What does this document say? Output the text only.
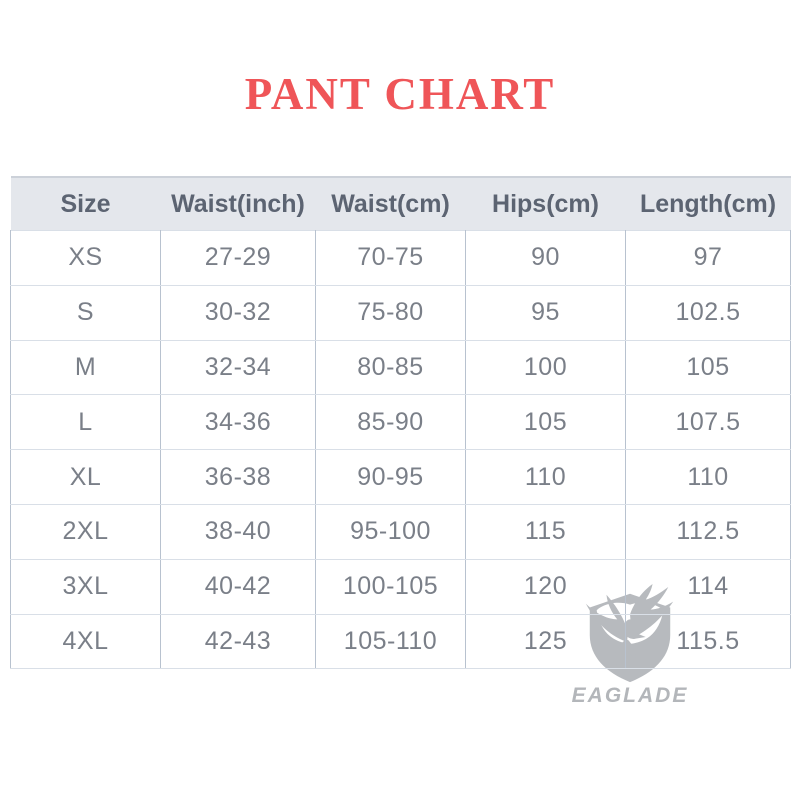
PANT CHART
EAGLADE
Size	Waist(inch)	Waist(cm)	Hips(cm)	Length(cm)
XS	27-29	70-75	90	97
S	30-32	75-80	95	102.5
M	32-34	80-85	100	105
L	34-36	85-90	105	107.5
XL	36-38	90-95	110	110
2XL	38-40	95-100	115	112.5
3XL	40-42	100-105	120	114
4XL	42-43	105-110	125	115.5
